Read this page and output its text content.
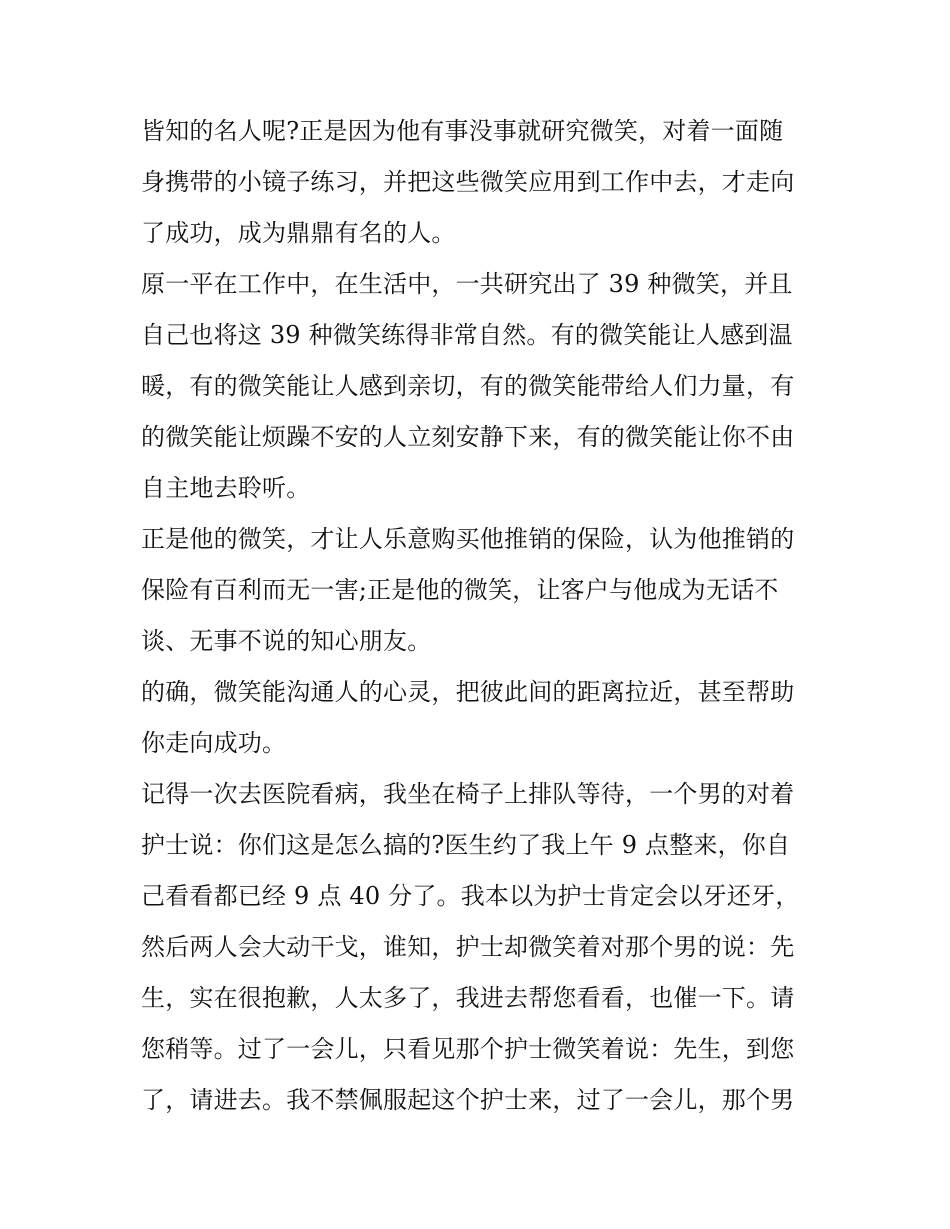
皆知的名人呢?正是因为他有事没事就研究微笑，对着一面随

身携带的小镜子练习，并把这些微笑应用到工作中去，才走向

了成功，成为鼎鼎有名的人。

原一平在工作中，在生活中，一共研究出了 39 种微笑，并且

自己也将这 39 种微笑练得非常自然。有的微笑能让人感到温

暖，有的微笑能让人感到亲切，有的微笑能带给人们力量，有

的微笑能让烦躁不安的人立刻安静下来，有的微笑能让你不由

自主地去聆听。

正是他的微笑，才让人乐意购买他推销的保险，认为他推销的

保险有百利而无一害;正是他的微笑，让客户与他成为无话不

谈、无事不说的知心朋友。

的确，微笑能沟通人的心灵，把彼此间的距离拉近，甚至帮助

你走向成功。

记得一次去医院看病，我坐在椅子上排队等待，一个男的对着

护士说：你们这是怎么搞的?医生约了我上午 9 点整来，你自

己看看都已经 9 点 40 分了。我本以为护士肯定会以牙还牙，

然后两人会大动干戈，谁知，护士却微笑着对那个男的说：先

生，实在很抱歉，人太多了，我进去帮您看看，也催一下。请

您稍等。过了一会儿，只看见那个护士微笑着说：先生，到您

了，请进去。我不禁佩服起这个护士来，过了一会儿，那个男
